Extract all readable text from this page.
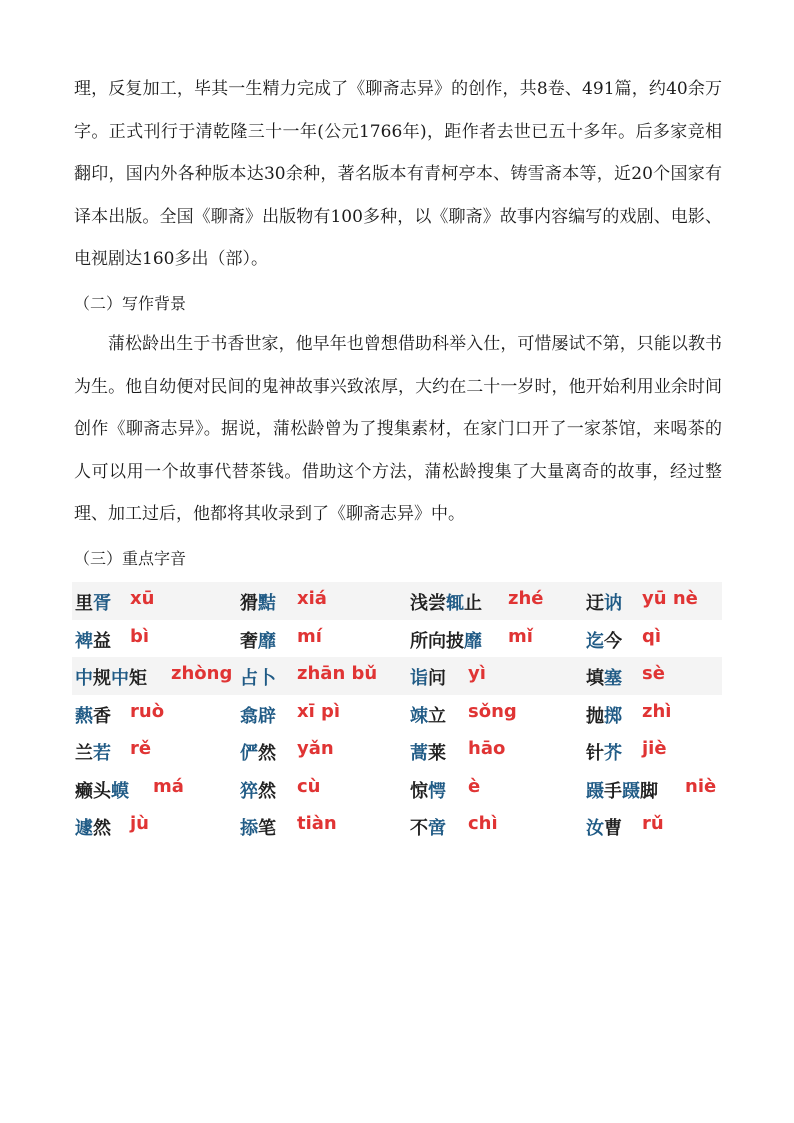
理，反复加工，毕其一生精力完成了《聊斋志异》的创作，共8卷、491篇，约40余万字。正式刊行于清乾隆三十一年(公元1766年)，距作者去世已五十多年。后多家竞相翻印，国内外各种版本达30余种，著名版本有青柯亭本、铸雪斋本等，近20个国家有译本出版。全国《聊斋》出版物有100多种，以《聊斋》故事内容编写的戏剧、电影、电视剧达160多出（部）。
（二）写作背景
蒲松龄出生于书香世家，他早年也曾想借助科举入仕，可惜屡试不第，只能以教书为生。他自幼便对民间的鬼神故事兴致浓厚，大约在二十一岁时，他开始利用业余时间创作《聊斋志异》。据说，蒲松龄曾为了搜集素材，在家门口开了一家茶馆，来喝茶的人可以用一个故事代替茶钱。借助这个方法，蒲松龄搜集了大量离奇的故事，经过整理、加工过后，他都将其收录到了《聊斋志异》中。
（三）重点字音
里胥 xū	猾黠 xiá	浅尝辄止 zhé 迂讷 yū nè
裨益 bì	奢靡 mí	所向披靡 mǐ	迄今 qì
中规中矩 zhòng 占卜 zhān bǔ 诣问 yì	填塞 sè
爇香 ruò	翕辟 xī pì	竦立 sǒng	抛掷 zhì
兰若 rě	俨然 yǎn	蒿莱 hāo	针芥 jiè
癞头蟆 má	猝然 cù	惊愕 è	蹑手蹑脚 niè
遽然 jù	掭笔 tiàn	不啻 chì	汝曹 rǔ
